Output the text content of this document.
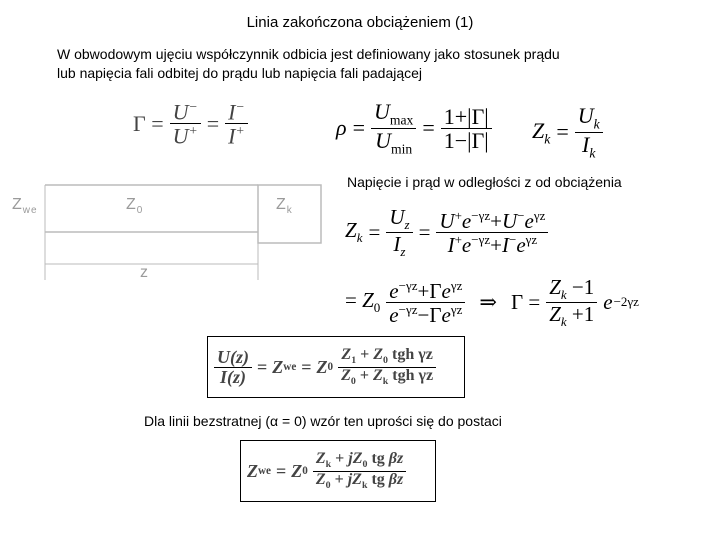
Linia zakończona obciążeniem (1)
W obwodowym ujęciu współczynnik odbicia jest definiowany jako stosunek prądu
lub napięcia fali odbitej do prądu lub napięcia fali padającej
$\Gamma = \frac{U^-}{U^+} = \frac{I^-}{I^+}$	$\rho = \frac{U_{max}}{U_{min}} = \frac{1+|\Gamma|}{1-|\Gamma|} Z_k = \frac{U_k}{I_k}$
Napięcie i prąd w odległości z od obciążenia
$Z_{we}$	$Z_0$	$Z_k$
z
$Z_k = \frac{U_z}{I_z} = \frac{U^+e^{-\gamma z}+U^-e^{\gamma z}}{I^+e^{-\gamma z}+I^-e^{\gamma z}}$
= $Z_0 \frac{e^{-\gamma z}+\Gamma e^{\gamma z}}{e^{-\gamma z}-\Gamma e^{\gamma z}}$ ⇒ $\Gamma = \frac{Z_k -1}{Z_k +1}$ e −2γz
$\frac{U(z)}{I(z)} = Z$ we = Z $0 \frac{Z_1 + Z_0 tgh \gamma z}{Z_0 + Z_k tgh \gamma z}$
Dla linii bezstratnej (α = 0) wzór ten uprości się do postaci
Z we = Z $0 \frac{Z_k + jZ_0 tg \beta z}{Z_0 + jZ_k tg \beta z}$
